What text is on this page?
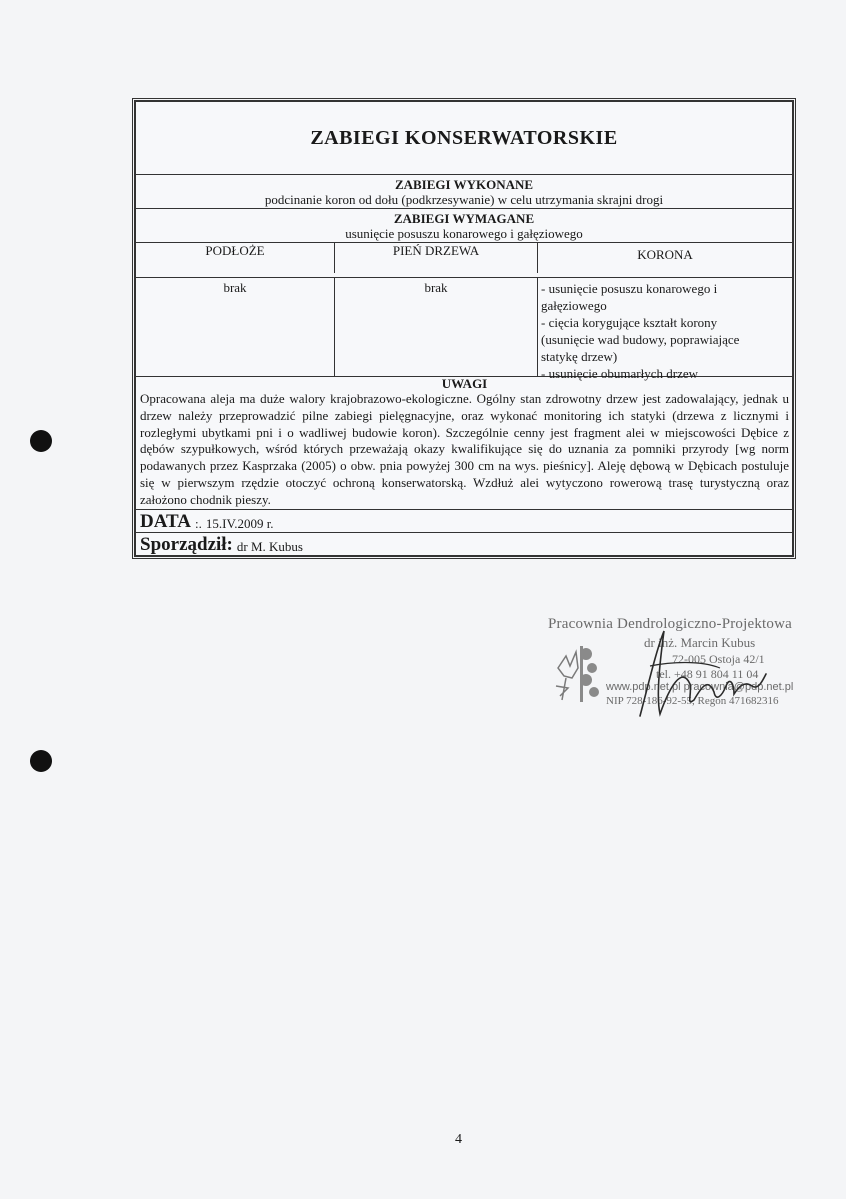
ZABIEGI KONSERWATORSKIE
ZABIEGI WYKONANE
podcinanie koron od dołu (podkrzesywanie) w celu utrzymania skrajni drogi
ZABIEGI WYMAGANE
usunięcie posuszu konarowego i gałęziowego
PODŁOŻE	PIEŃ DRZEWA	KORONA
brak	brak	- usunięcie posuszu konarowego i
gałęziowego
- cięcia korygujące kształt korony
(usunięcie wad budowy, poprawiające
statykę drzew)
- usunięcie obumarłych drzew
UWAGI
Opracowana aleja ma duże walory krajobrazowo-ekologiczne. Ogólny stan zdrowotny drzew jest zadowalający, jednak u drzew należy przeprowadzić pilne zabiegi pielęgnacyjne, oraz wykonać monitoring ich statyki (drzewa z licznymi i rozległymi ubytkami pni i o wadliwej budowie koron). Szczególnie cenny jest fragment alei w miejscowości Dębice z dębów szypułkowych, wśród których przeważają okazy kwalifikujące się do uznania za pomniki przyrody [wg norm podawanych przez Kasprzaka (2005) o obw. pnia powyżej 300 cm na wys. pieśnicy]. Aleję dębową w Dębicach postuluje się w pierwszym rzędzie otoczyć ochroną konserwatorską. Wzdłuż alei wytyczono rowerową trasę turystyczną oraz założono chodnik pieszy.
DATA :. 15.IV.2009 r.
Sporządził: dr M. Kubus
Pracownia Dendrologiczno-Projektowa
dr inż. Marcin Kubus
72-005 Ostoja 42/1
tel. +48 91 804 11 04
www.pdp.net.pl pracownia@pdp.net.pl
NIP 728-186-92-55, Regon 471682316
4
